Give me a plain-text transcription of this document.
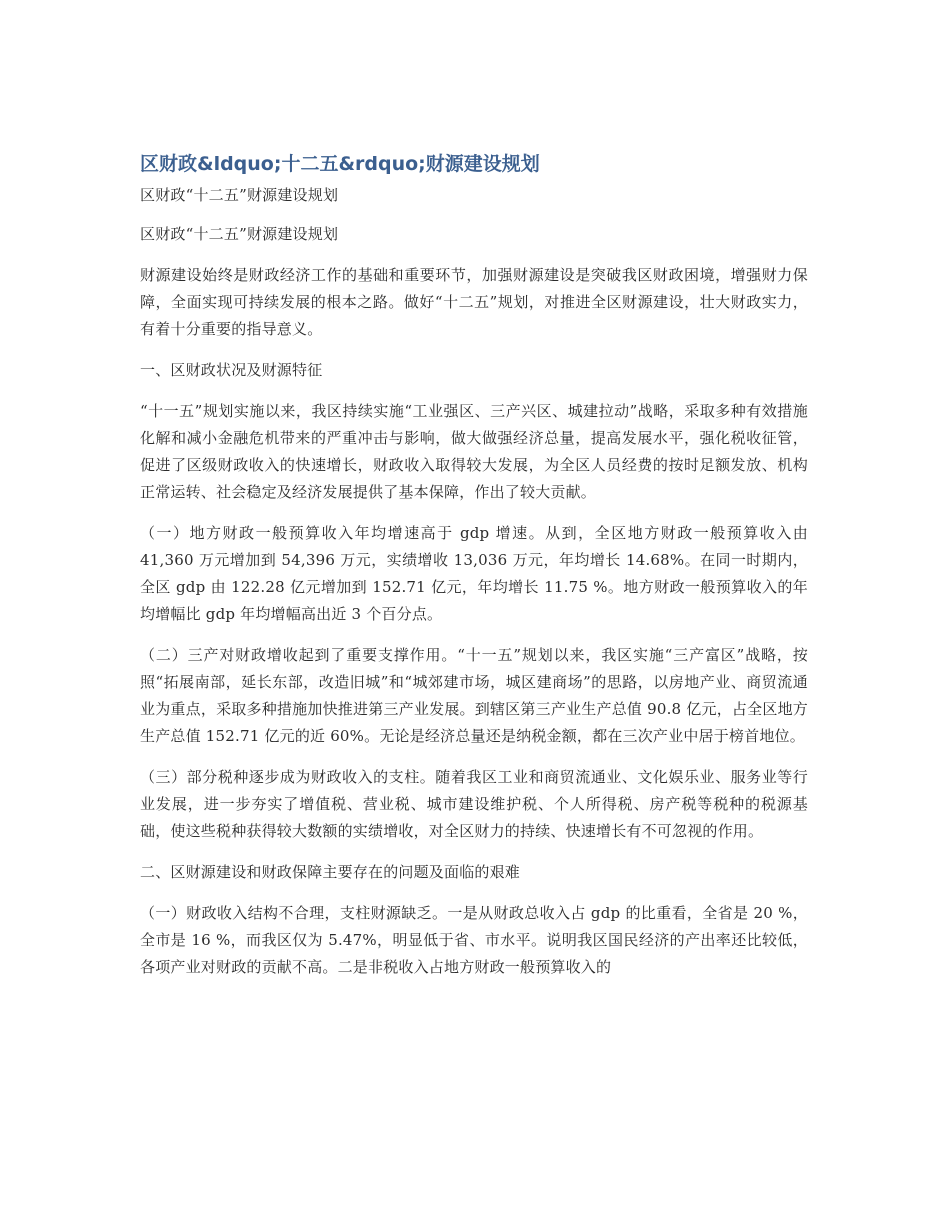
区财政&ldquo;十二五&rdquo;财源建设规划

区财政“十二五”财源建设规划

区财政“十二五”财源建设规划

财源建设始终是财政经济工作的基础和重要环节，加强财源建设是突破我区财政困境，增强财力保障，全面实现可持续发展的根本之路。做好“十二五”规划，对推进全区财源建设，壮大财政实力，有着十分重要的指导意义。

一、区财政状况及财源特征

“十一五”规划实施以来，我区持续实施“工业强区、三产兴区、城建拉动”战略，采取多种有效措施化解和减小金融危机带来的严重冲击与影响，做大做强经济总量，提高发展水平，强化税收征管，促进了区级财政收入的快速增长，财政收入取得较大发展，为全区人员经费的按时足额发放、机构正常运转、社会稳定及经济发展提供了基本保障，作出了较大贡献。

（一）地方财政一般预算收入年均增速高于 gdp 增速。从到，全区地方财政一般预算收入由 41,360 万元增加到 54,396 万元，实绩增收 13,036 万元，年均增长 14.68%。在同一时期内，全区 gdp 由 122.28 亿元增加到 152.71 亿元，年均增长 11.75 %。地方财政一般预算收入的年均增幅比 gdp 年均增幅高出近 3 个百分点。

（二）三产对财政增收起到了重要支撑作用。“十一五”规划以来，我区实施“三产富区”战略，按照“拓展南部，延长东部，改造旧城”和“城郊建市场，城区建商场”的思路，以房地产业、商贸流通业为重点，采取多种措施加快推进第三产业发展。到辖区第三产业生产总值 90.8 亿元，占全区地方生产总值 152.71 亿元的近 60%。无论是经济总量还是纳税金额，都在三次产业中居于榜首地位。

（三）部分税种逐步成为财政收入的支柱。随着我区工业和商贸流通业、文化娱乐业、服务业等行业发展，进一步夯实了增值税、营业税、城市建设维护税、个人所得税、房产税等税种的税源基础，使这些税种获得较大数额的实绩增收，对全区财力的持续、快速增长有不可忽视的作用。

二、区财源建设和财政保障主要存在的问题及面临的艰难

（一）财政收入结构不合理，支柱财源缺乏。一是从财政总收入占 gdp 的比重看，全省是 20 %，全市是 16 %，而我区仅为 5.47%，明显低于省、市水平。说明我区国民经济的产出率还比较低，各项产业对财政的贡献不高。二是非税收入占地方财政一般预算收入的
